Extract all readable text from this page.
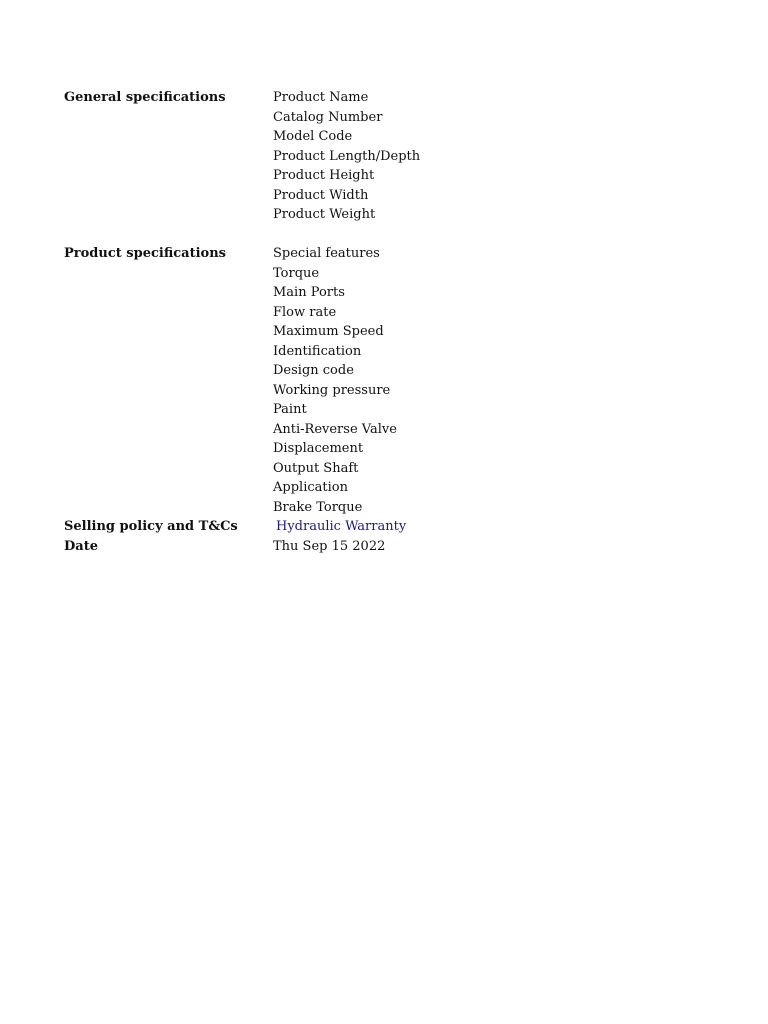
General specifications	Product Name
Catalog Number
Model Code
Product Length/Depth
Product Height
Product Width
Product Weight
Product specifications	Special features
Torque
Main Ports
Flow rate
Maximum Speed
Identification
Design code
Working pressure
Paint
Anti-Reverse Valve
Displacement
Output Shaft
Application
Brake Torque
Selling policy and T&Cs	Hydraulic Warranty
Date	Thu Sep 15 2022
